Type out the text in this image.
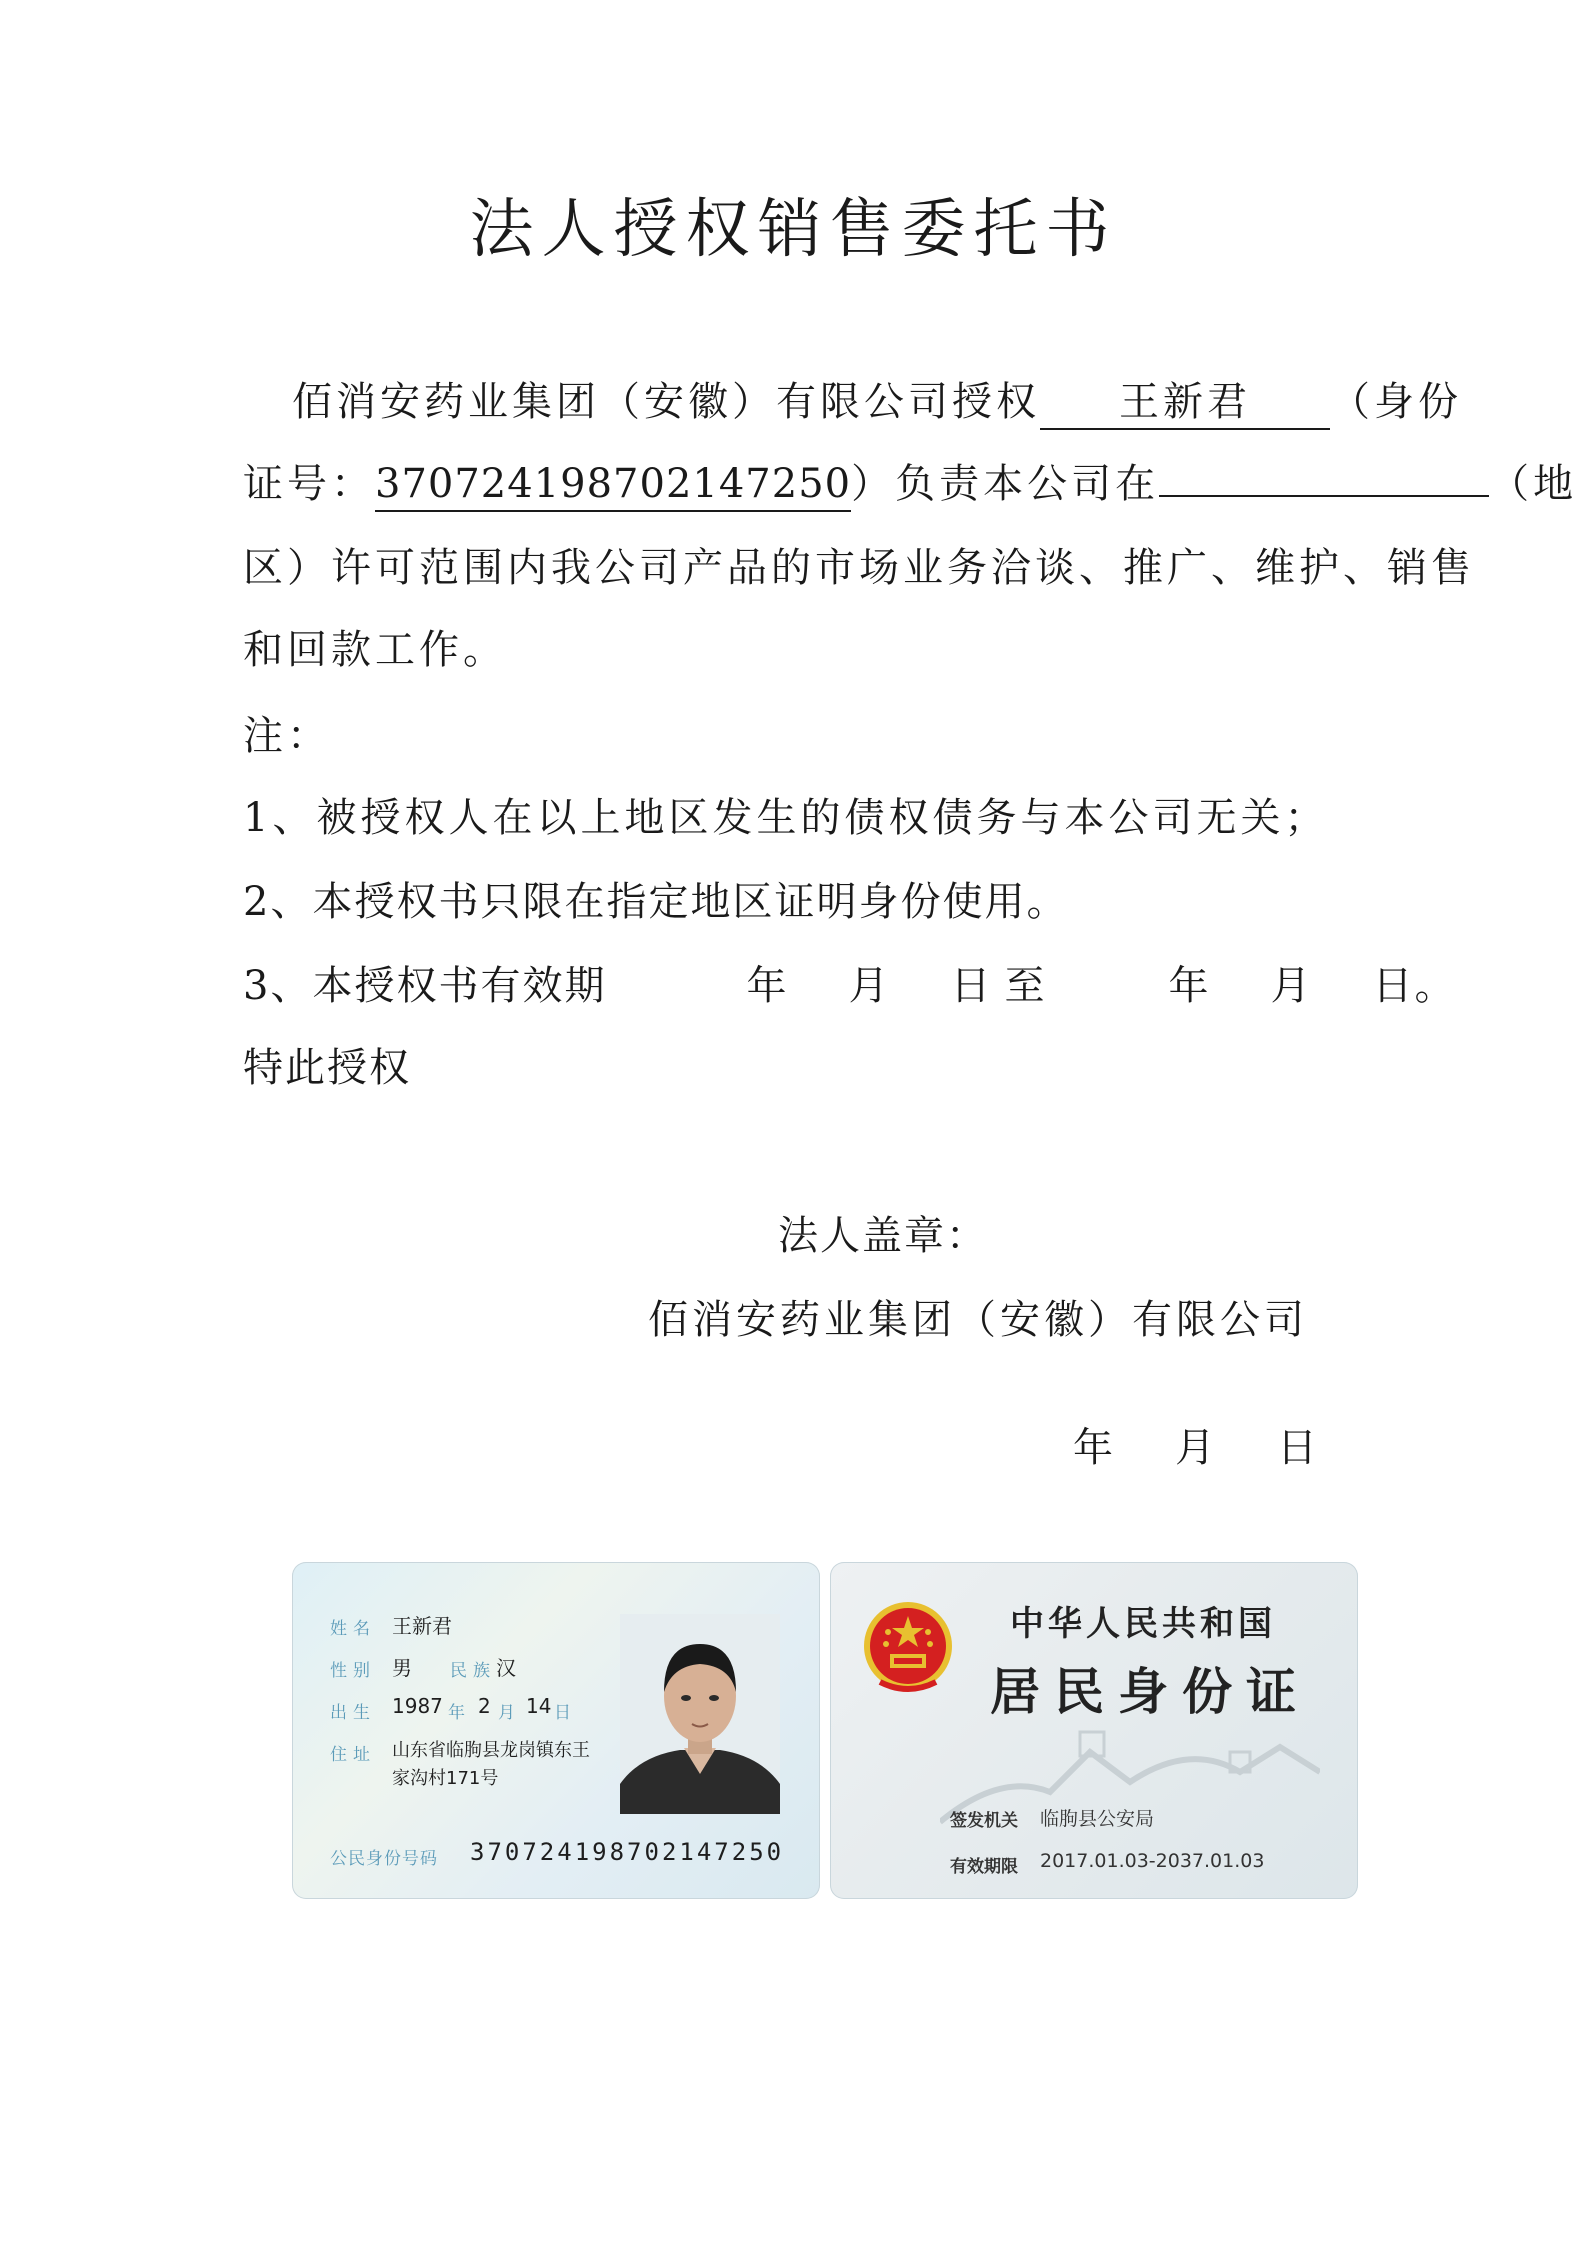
法人授权销售委托书
佰消安药业集团（安徽）有限公司授权 王新君 （身份
证号：370724198702147250）负责本公司在	（地
区）许可范围内我公司产品的市场业务洽谈、推广、维护、销售
和回款工作。
注：
1、被授权人在以上地区发生的债权债务与本公司无关；
2、本授权书只限在指定地区证明身份使用。
3、本授权书有效期	年 月 日至	年 月 日。
特此授权
法人盖章：
佰消安药业集团（安徽）有限公司
年 月 日
姓名 王新君
性别 男 民族 汉
出生 1987 年 2 月 14 日
住址 山东省临朐县龙岗镇东王
家沟村171号
公民身份号码 370724198702147250
中华人民共和国
居民身份证
签发机关 临朐县公安局
有效期限 2017.01.03-2037.01.03
